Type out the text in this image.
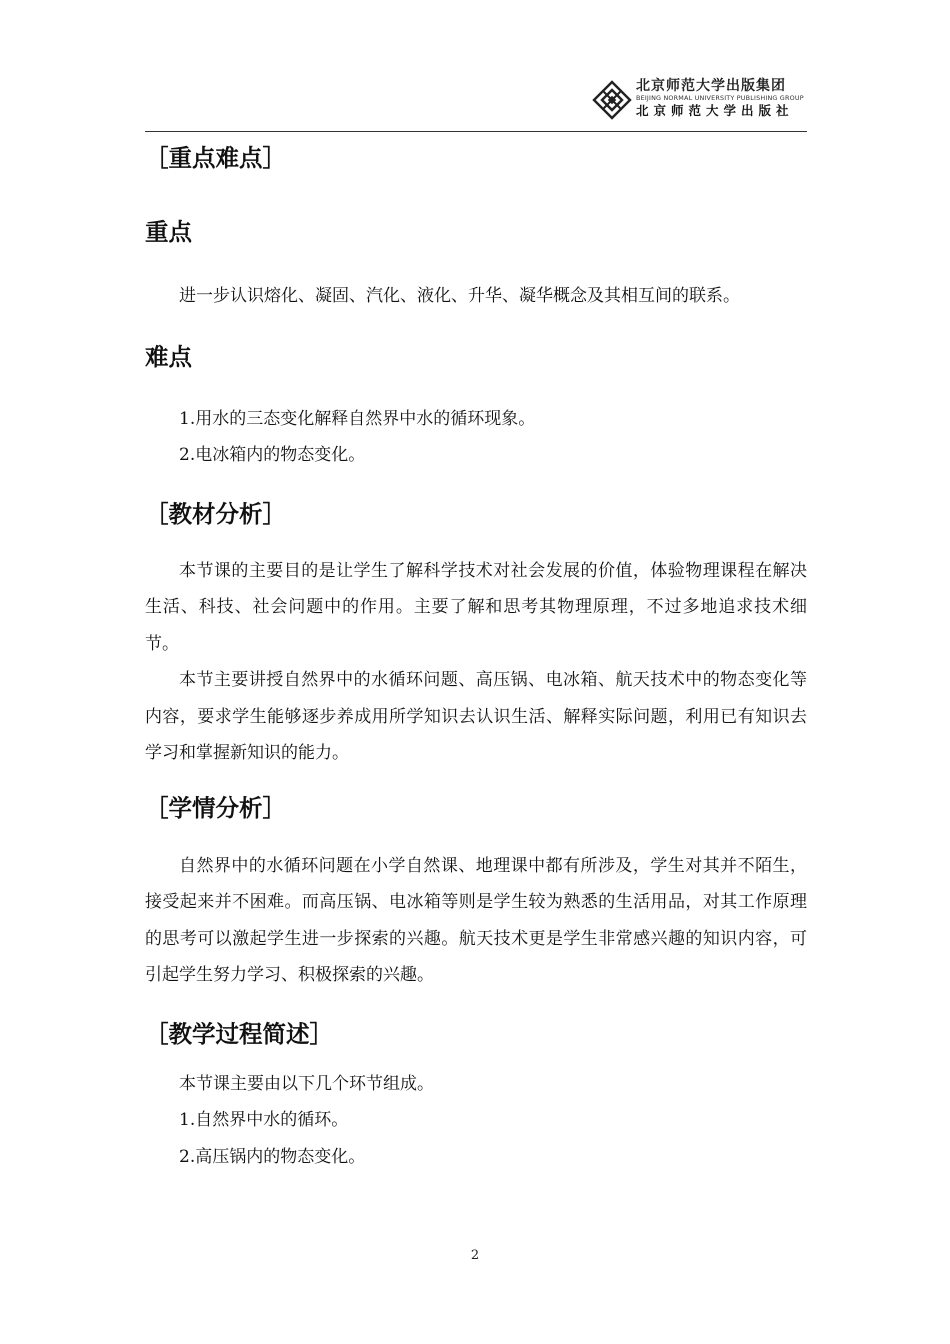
北京师范大学出版集团
BEIJING NORMAL UNIVERSITY PUBLISHING GROUP
北京师范大学出版社
［重点难点］
重点

进一步认识熔化、凝固、汽化、液化、升华、凝华概念及其相互间的联系。

难点

1.用水的三态变化解释自然界中水的循环现象。

2.电冰箱内的物态变化。

［教材分析］

本节课的主要目的是让学生了解科学技术对社会发展的价值，体验物理课程在解决生活、科技、社会问题中的作用。主要了解和思考其物理原理，不过多地追求技术细节。

本节主要讲授自然界中的水循环问题、高压锅、电冰箱、航天技术中的物态变化等内容，要求学生能够逐步养成用所学知识去认识生活、解释实际问题，利用已有知识去学习和掌握新知识的能力。

［学情分析］

自然界中的水循环问题在小学自然课、地理课中都有所涉及，学生对其并不陌生，接受起来并不困难。而高压锅、电冰箱等则是学生较为熟悉的生活用品，对其工作原理的思考可以激起学生进一步探索的兴趣。航天技术更是学生非常感兴趣的知识内容，可引起学生努力学习、积极探索的兴趣。

［教学过程简述］

本节课主要由以下几个环节组成。

1.自然界中水的循环。

2.高压锅内的物态变化。

2
